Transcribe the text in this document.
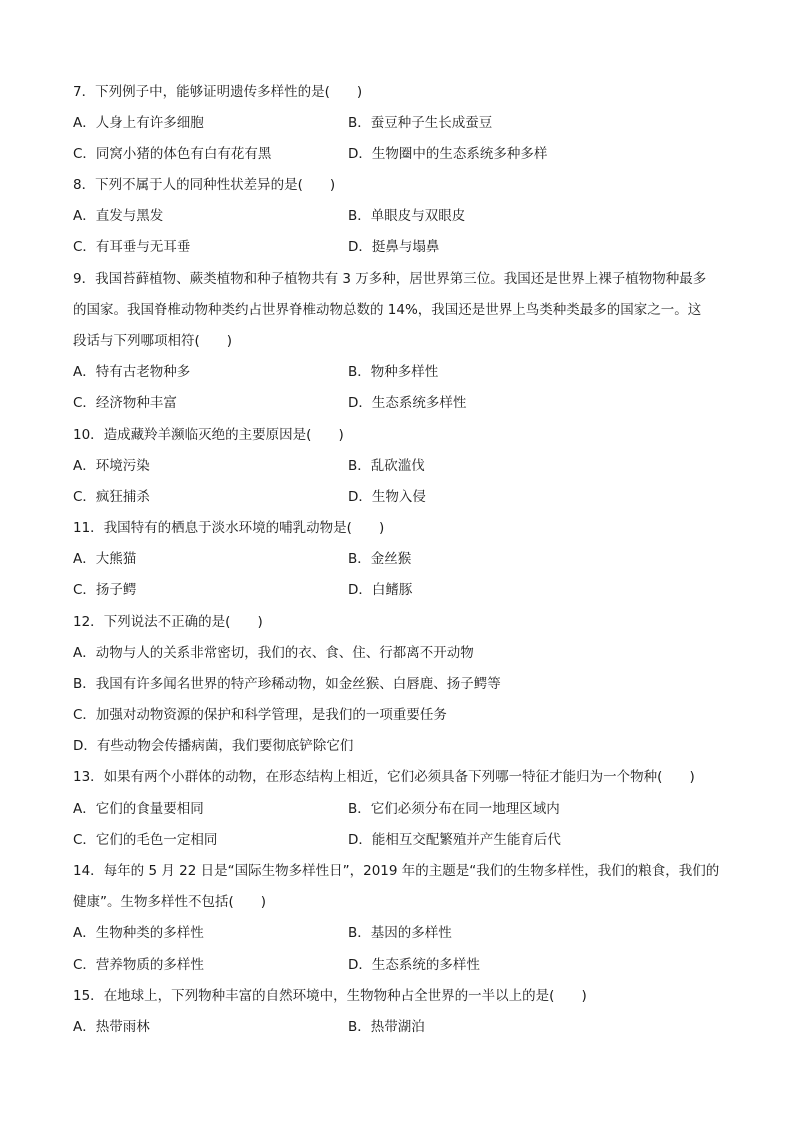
7．下列例子中，能够证明遗传多样性的是(　　)
A．人身上有许多细胞	B．蚕豆种子生长成蚕豆
C．同窝小猪的体色有白有花有黑	D．生物圈中的生态系统多种多样
8．下列不属于人的同种性状差异的是(　　)
A．直发与黑发	B．单眼皮与双眼皮
C．有耳垂与无耳垂	D．挺鼻与塌鼻
9．我国苔藓植物、蕨类植物和种子植物共有 3 万多种，居世界第三位。我国还是世界上裸子植物物种最多
的国家。我国脊椎动物种类约占世界脊椎动物总数的 14%，我国还是世界上鸟类种类最多的国家之一。这
段话与下列哪项相符(　　)
A．特有古老物种多	B．物种多样性
C．经济物种丰富	D．生态系统多样性
10．造成藏羚羊濒临灭绝的主要原因是(　　)
A．环境污染	B．乱砍滥伐
C．疯狂捕杀	D．生物入侵
11．我国特有的栖息于淡水环境的哺乳动物是(　　)
A．大熊猫	B．金丝猴
C．扬子鳄	D．白鳍豚
12．下列说法不正确的是(　　)
A．动物与人的关系非常密切，我们的衣、食、住、行都离不开动物
B．我国有许多闻名世界的特产珍稀动物，如金丝猴、白唇鹿、扬子鳄等
C．加强对动物资源的保护和科学管理，是我们的一项重要任务
D．有些动物会传播病菌，我们要彻底铲除它们
13．如果有两个小群体的动物，在形态结构上相近，它们必须具备下列哪一特征才能归为一个物种(　　)
A．它们的食量要相同	B．它们必须分布在同一地理区域内
C．它们的毛色一定相同	D．能相互交配繁殖并产生能育后代
14．每年的 5 月 22 日是“国际生物多样性日”，2019 年的主题是“我们的生物多样性，我们的粮食，我们的
健康”。生物多样性不包括(　　)
A．生物种类的多样性	B．基因的多样性
C．营养物质的多样性	D．生态系统的多样性
15．在地球上，下列物种丰富的自然环境中，生物物种占全世界的一半以上的是(　　)
A．热带雨林	B．热带湖泊
